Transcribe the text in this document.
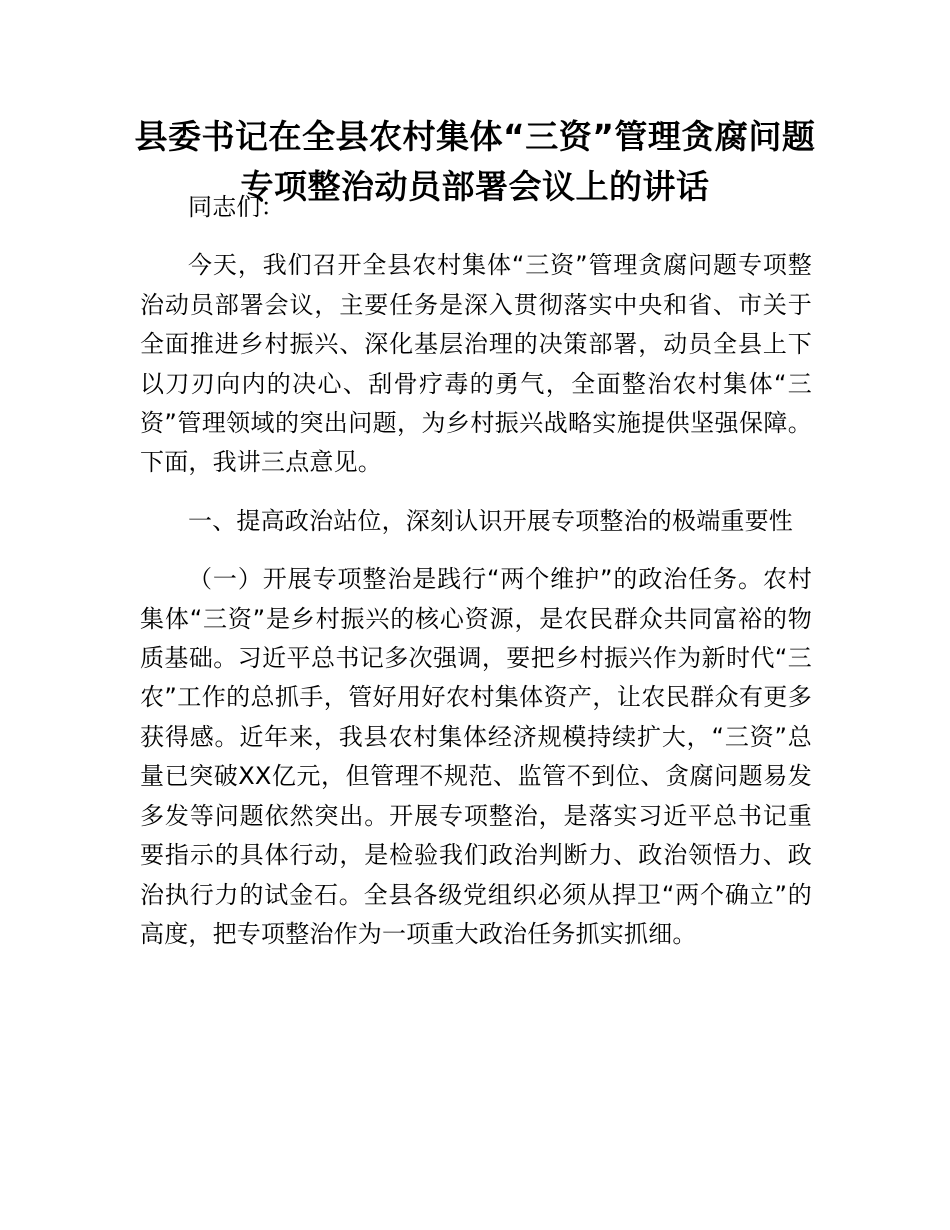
县委书记在全县农村集体“三资”管理贪腐问题
专项整治动员部署会议上的讲话

同志们：

今天，我们召开全县农村集体“三资”管理贪腐问题专项整治动员部署会议，主要任务是深入贯彻落实中央和省、市关于全面推进乡村振兴、深化基层治理的决策部署，动员全县上下以刀刃向内的决心、刮骨疗毒的勇气，全面整治农村集体“三资”管理领域的突出问题，为乡村振兴战略实施提供坚强保障。下面，我讲三点意见。

一、提高政治站位，深刻认识开展专项整治的极端重要性

（一）开展专项整治是践行“两个维护”的政治任务。农村集体“三资”是乡村振兴的核心资源，是农民群众共同富裕的物质基础。习近平总书记多次强调，要把乡村振兴作为新时代“三农”工作的总抓手，管好用好农村集体资产，让农民群众有更多获得感。近年来，我县农村集体经济规模持续扩大，“三资”总量已突破XX亿元，但管理不规范、监管不到位、贪腐问题易发多发等问题依然突出。开展专项整治，是落实习近平总书记重要指示的具体行动，是检验我们政治判断力、政治领悟力、政治执行力的试金石。全县各级党组织必须从捍卫“两个确立”的高度，把专项整治作为一项重大政治任务抓实抓细。
